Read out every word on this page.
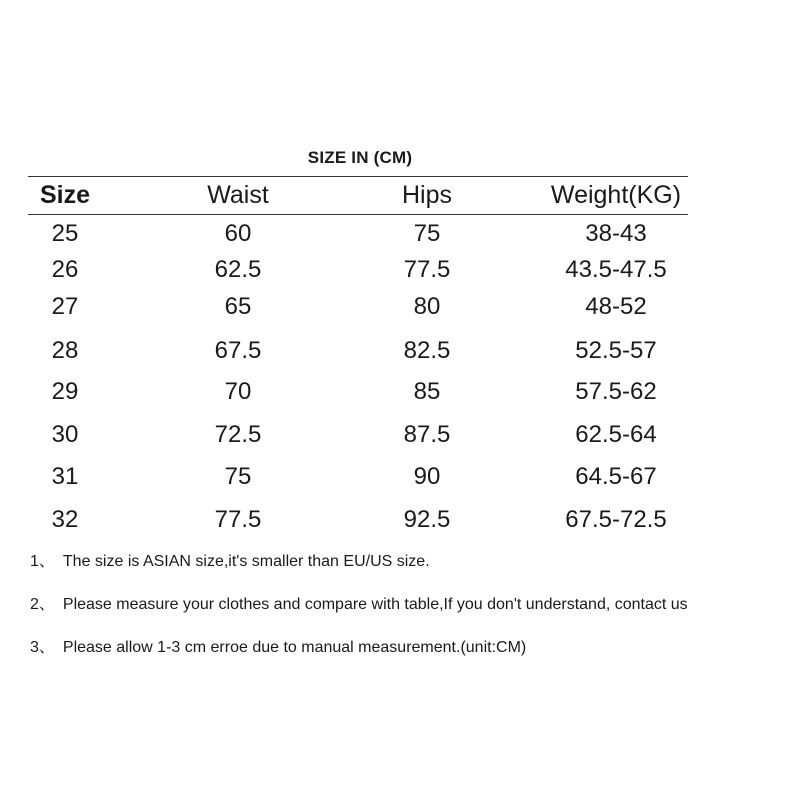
SIZE IN (CM)
Size	Waist	Hips	Weight(KG)
25	60	75	38-43
26	62.5	77.5	43.5-47.5
27	65	80	48-52
28	67.5	82.5	52.5-57
29	70	85	57.5-62
30	72.5	87.5	62.5-64
31	75	90	64.5-67
32	77.5	92.5	67.5-72.5
1、 The size is ASIAN size,it's smaller than EU/US size.
2、 Please measure your clothes and compare with table,If you don't understand, contact us
3、 Please allow 1-3 cm erroe due to manual measurement.(unit:CM)
